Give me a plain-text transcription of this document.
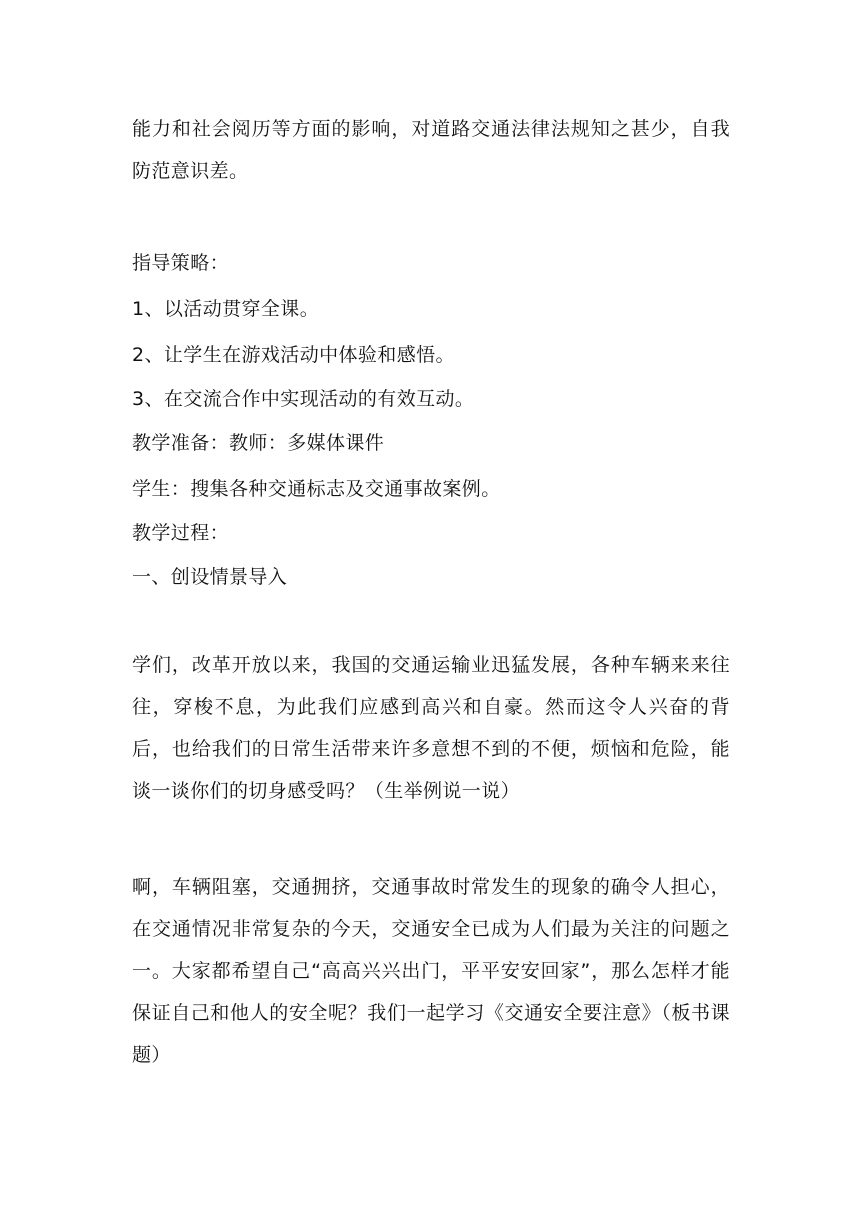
能力和社会阅历等方面的影响，对道路交通法律法规知之甚少，自我防范意识差。

指导策略：

1、以活动贯穿全课。

2、让学生在游戏活动中体验和感悟。

3、在交流合作中实现活动的有效互动。

教学准备：教师：多媒体课件

学生：搜集各种交通标志及交通事故案例。

教学过程：

一、创设情景导入

学们，改革开放以来，我国的交通运输业迅猛发展，各种车辆来来往往，穿梭不息，为此我们应感到高兴和自豪。然而这令人兴奋的背后，也给我们的日常生活带来许多意想不到的不便，烦恼和危险，能谈一谈你们的切身感受吗？（生举例说一说）

啊，车辆阻塞，交通拥挤，交通事故时常发生的现象的确令人担心，在交通情况非常复杂的今天，交通安全已成为人们最为关注的问题之一。大家都希望自己“高高兴兴出门，平平安安回家”，那么怎样才能保证自己和他人的安全呢？我们一起学习《交通安全要注意》（板书课题）
